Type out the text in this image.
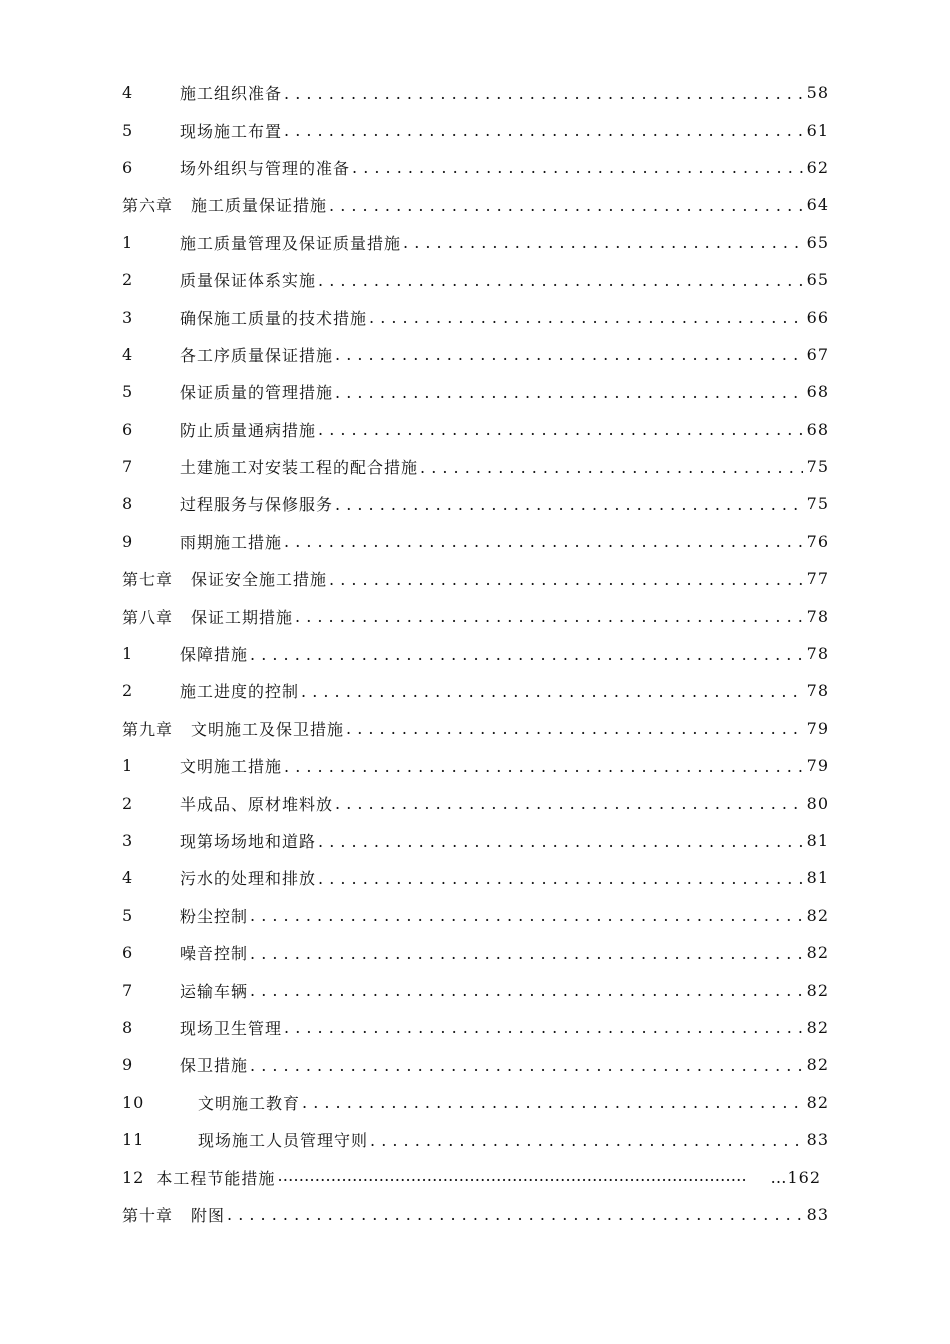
4	施工组织准备 . . .	58
5	现场施工布置 . . .	61
6	场外组织与管理的准备 . . .	62
第六章 施工质量保证措施 . . .	64
1	施工质量管理及保证质量措施 . . .	65
2	质量保证体系实施 . . .	65
3	确保施工质量的技术措施 . . .	66
4	各工序质量保证措施 . . .	67
5	保证质量的管理措施 . . .	68
6	防止质量通病措施 . . .	68
7	土建施工对安装工程的配合措施 . . .	75
8	过程服务与保修服务 . . .	75
9	雨期施工措施 . . .	76
第七章 保证安全施工措施 . . .	77
第八章 保证工期措施 . . .	78
1	保障措施 . . .	78
2	施工进度的控制 . . .	78
第九章 文明施工及保卫措施 . . .	79
1	文明施工措施 . . .	79
2	半成品、原材堆料放 . . .	80
3	现第场场地和道路 . . .	81
4	污水的处理和排放 . . .	81
5	粉尘控制 . . .	82
6	噪音控制 . . .	82
7	运输车辆 . . .	82
8	现场卫生管理 . . .	82
9	保卫措施 . . .	82
10	文明施工教育 . . .	82
11	现场施工人员管理守则 . . .	83
12 本工程节能措施 …………………………………………………………………………………………………………	…162
第十章 附图 . . .	83
